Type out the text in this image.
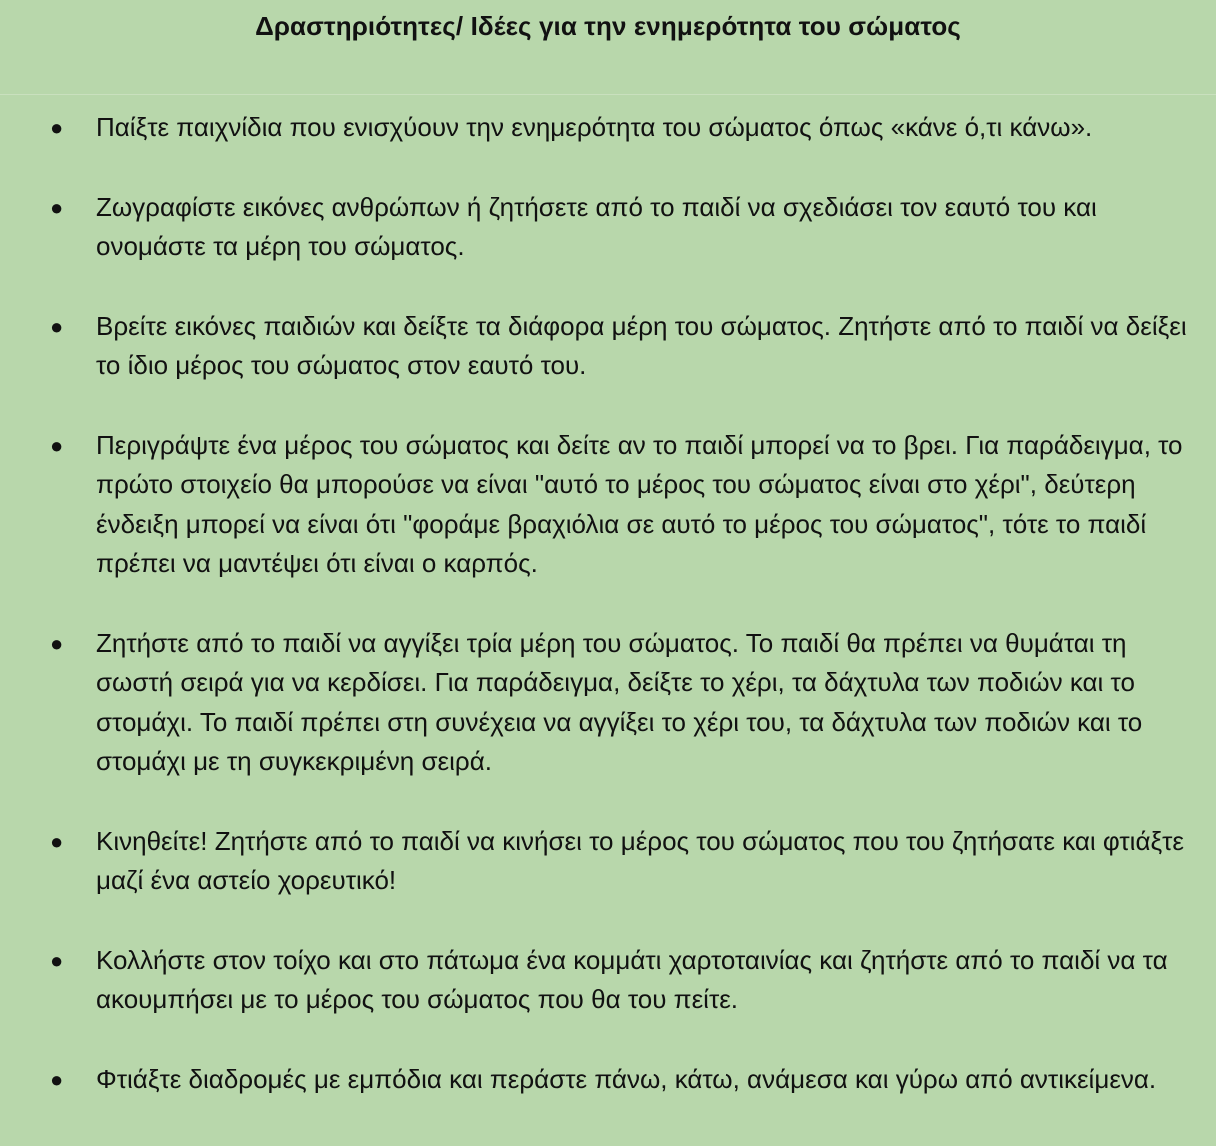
Δραστηριότητες/ Ιδέες για την ενημερότητα του σώματος
● Παίξτε παιχνίδια που ενισχύουν την ενημερότητα του σώματος όπως «κάνε ό,τι κάνω».
● Ζωγραφίστε εικόνες ανθρώπων ή ζητήσετε από το παιδί να σχεδιάσει τον εαυτό του και ονομάστε τα μέρη του σώματος.
● Βρείτε εικόνες παιδιών και δείξτε τα διάφορα μέρη του σώματος. Ζητήστε από το παιδί να δείξει το ίδιο μέρος του σώματος στον εαυτό του.
● Περιγράψτε ένα μέρος του σώματος και δείτε αν το παιδί μπορεί να το βρει. Για παράδειγμα, το πρώτο στοιχείο θα μπορούσε να είναι "αυτό το μέρος του σώματος είναι στο χέρι", δεύτερη ένδειξη μπορεί να είναι ότι "φοράμε βραχιόλια σε αυτό το μέρος του σώματος", τότε το παιδί πρέπει να μαντέψει ότι είναι ο καρπός.
● Ζητήστε από το παιδί να αγγίξει τρία μέρη του σώματος. Το παιδί θα πρέπει να θυμάται τη σωστή σειρά για να κερδίσει. Για παράδειγμα, δείξτε το χέρι, τα δάχτυλα των ποδιών και το στομάχι. Το παιδί πρέπει στη συνέχεια να αγγίξει το χέρι του, τα δάχτυλα των ποδιών και το στομάχι με τη συγκεκριμένη σειρά.
● Κινηθείτε! Ζητήστε από το παιδί να κινήσει το μέρος του σώματος που του ζητήσατε και φτιάξτε μαζί ένα αστείο χορευτικό!
● Κολλήστε στον τοίχο και στο πάτωμα ένα κομμάτι χαρτοταινίας και ζητήστε από το παιδί να τα ακουμπήσει με το μέρος του σώματος που θα του πείτε.
● Φτιάξτε διαδρομές με εμπόδια και περάστε πάνω, κάτω, ανάμεσα και γύρω από αντικείμενα.
